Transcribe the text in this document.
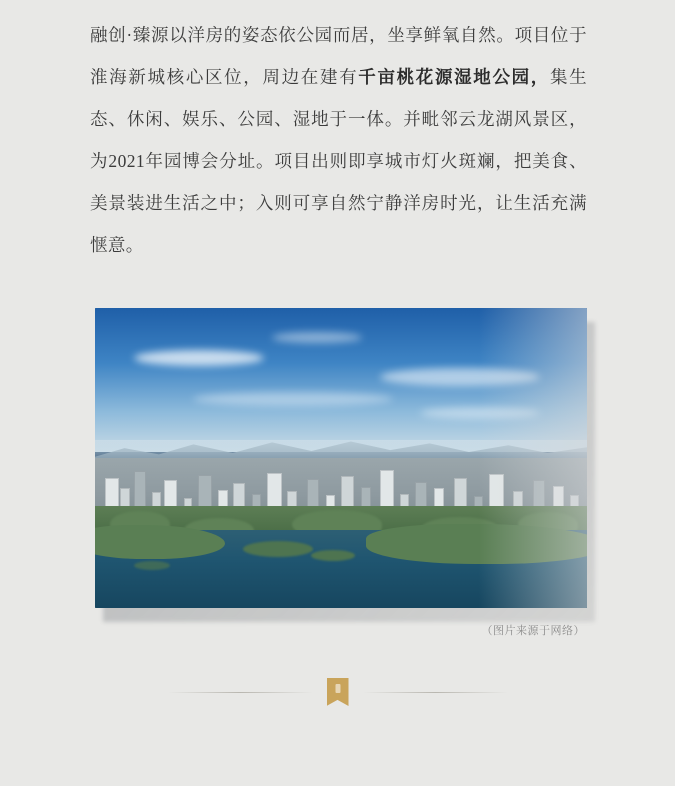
融创·臻源以洋房的姿态依公园而居，坐享鲜氧自然。项目位于淮海新城核心区位，周边在建有千亩桃花源湿地公园，集生态、休闲、娱乐、公园、湿地于一体。并毗邻云龙湖风景区，为2021年园博会分址。项目出则即享城市灯火斑斓，把美食、美景装进生活之中；入则可享自然宁静洋房时光，让生活充满惬意。

（图片来源于网络）
